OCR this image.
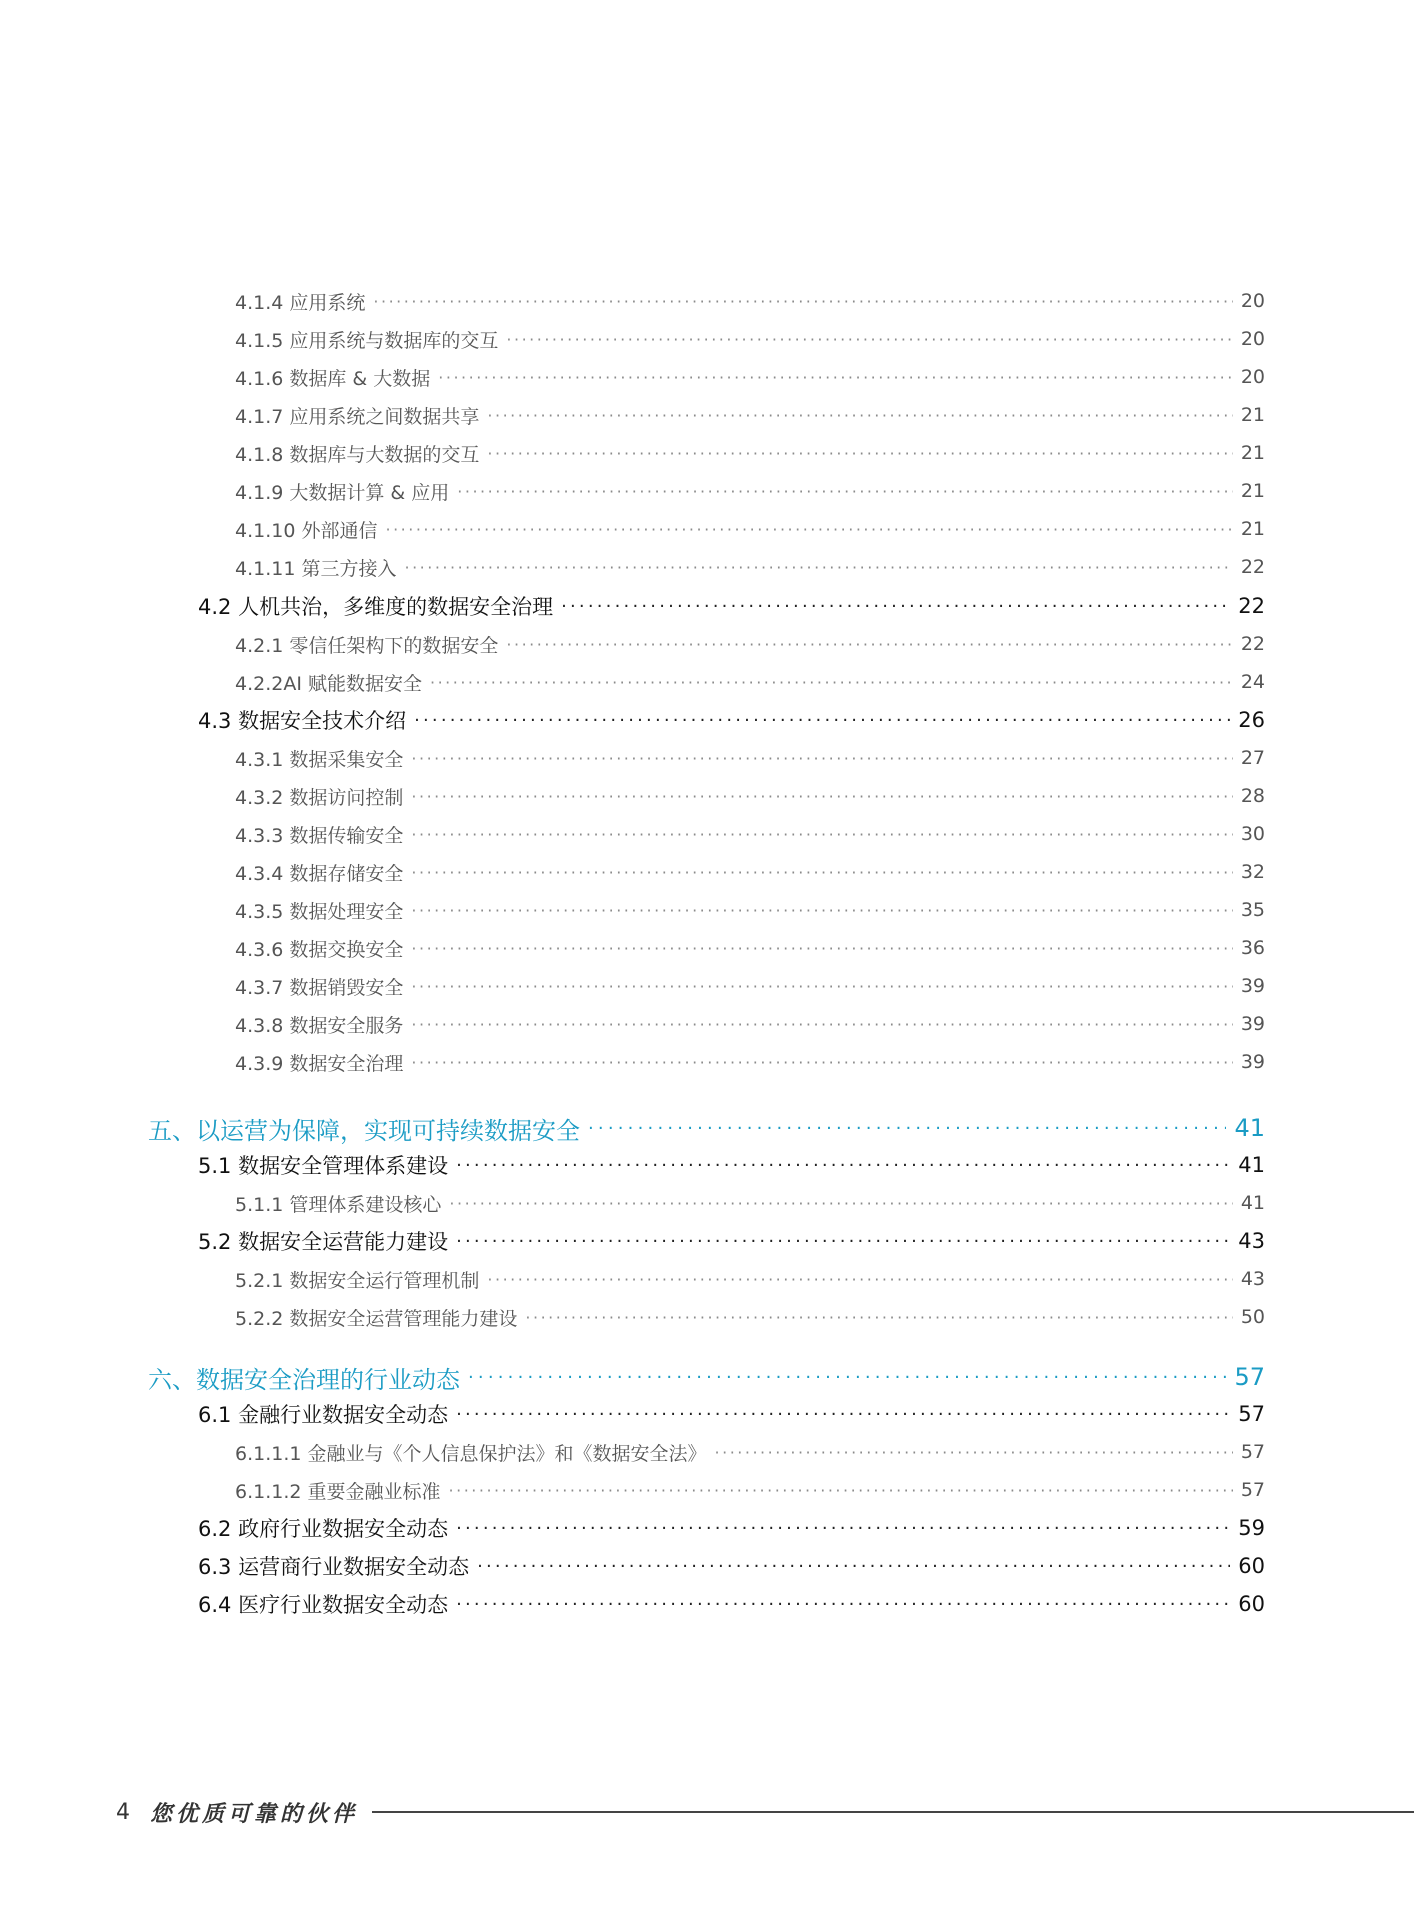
4.1.4 应用系统 ·····	20
4.1.5 应用系统与数据库的交互 ·····	20
4.1.6 数据库 & 大数据 ·····	20
4.1.7 应用系统之间数据共享 ·····	21
4.1.8 数据库与大数据的交互 ·····	21
4.1.9 大数据计算 & 应用 ·····	21
4.1.10 外部通信 ·····	21
4.1.11 第三方接入 ·····	22
4.2 人机共治，多维度的数据安全治理 ·····	22
4.2.1 零信任架构下的数据安全 ·····	22
4.2.2AI 赋能数据安全 ·····	24
4.3 数据安全技术介绍 ·····	26
4.3.1 数据采集安全 ·····	27
4.3.2 数据访问控制 ·····	28
4.3.3 数据传输安全 ·····	30
4.3.4 数据存储安全 ·····	32
4.3.5 数据处理安全 ·····	35
4.3.6 数据交换安全 ·····	36
4.3.7 数据销毁安全 ·····	39
4.3.8 数据安全服务 ·····	39
4.3.9 数据安全治理 ·····	39
五、以运营为保障，实现可持续数据安全 ·····	41
5.1 数据安全管理体系建设 ·····	41
5.1.1 管理体系建设核心 ·····	41
5.2 数据安全运营能力建设 ·····	43
5.2.1 数据安全运行管理机制 ·····	43
5.2.2 数据安全运营管理能力建设 ·····	50
六、数据安全治理的行业动态 ·····	57
6.1 金融行业数据安全动态 ·····	57
6.1.1.1 金融业与《个人信息保护法》和《数据安全法》 ·····	57
6.1.1.2 重要金融业标准 ·····	57
6.2 政府行业数据安全动态 ·····	59
6.3 运营商行业数据安全动态 ·····	60
6.4 医疗行业数据安全动态 ·····	60
4 您优质可靠的伙伴
